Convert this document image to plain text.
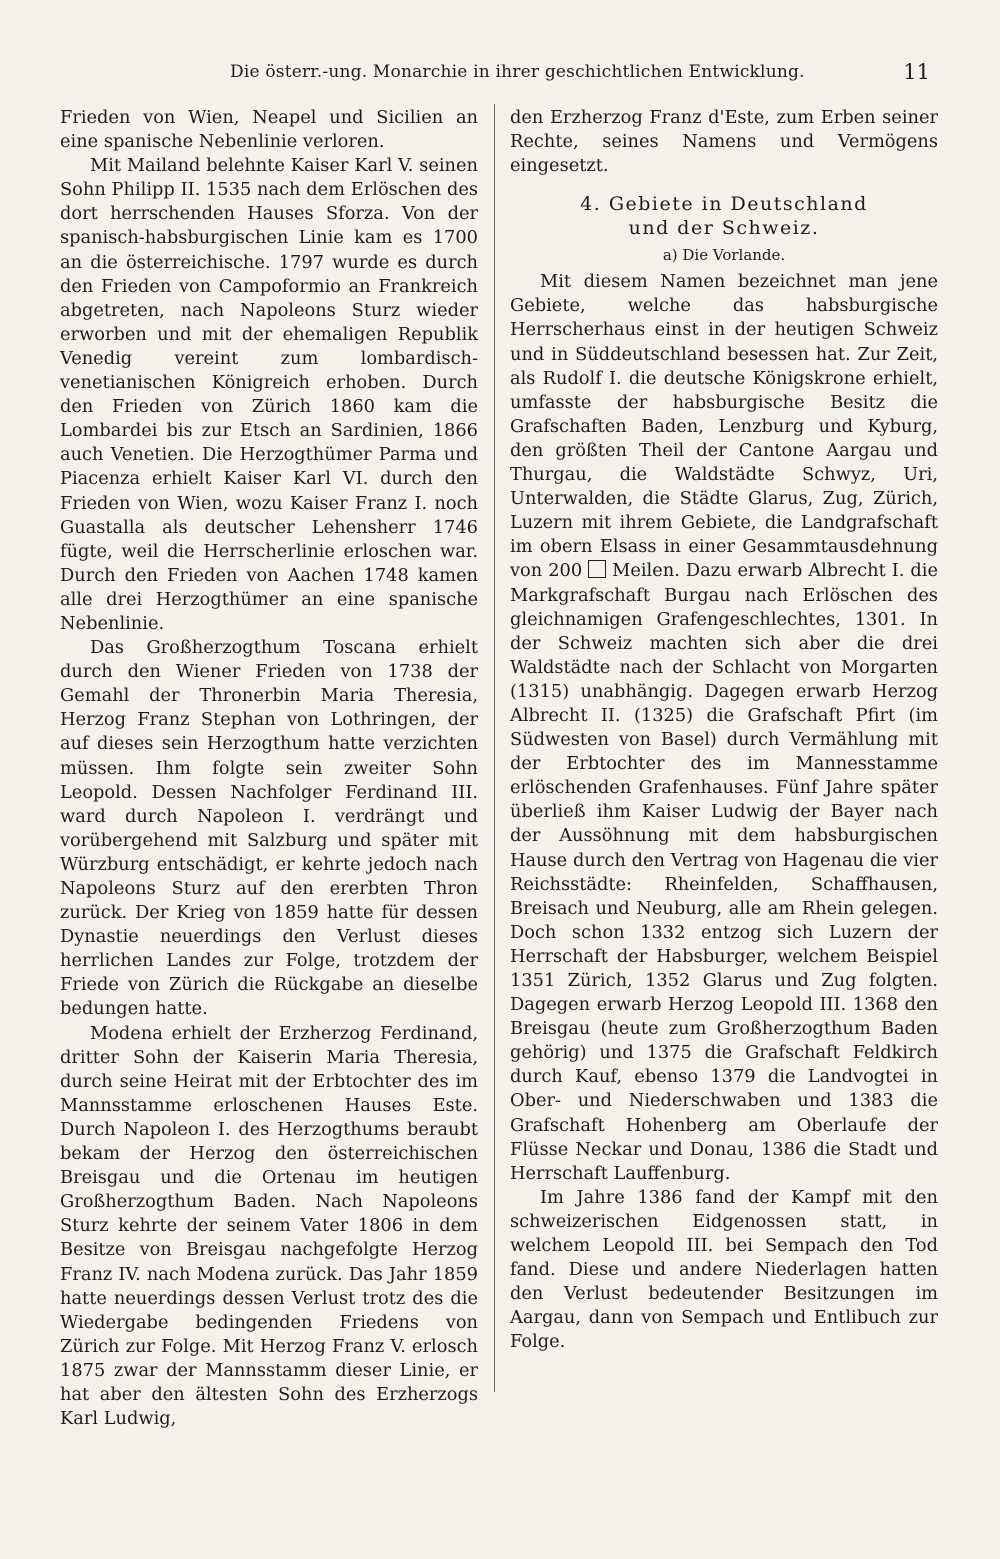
Die österr.-ung. Monarchie in ihrer geschichtlichen Entwicklung.	11

Frieden von Wien, Neapel und Sicilien an eine spanische Nebenlinie verloren.

Mit Mailand belehnte Kaiser Karl V. seinen Sohn Philipp II. 1535 nach dem Erlöschen des dort herrschenden Hauses Sforza. Von der spanisch-habsburgischen Linie kam es 1700 an die österreichische. 1797 wurde es durch den Frieden von Campoformio an Frankreich abgetreten, nach Napoleons Sturz wieder erworben und mit der ehemaligen Republik Venedig vereint zum lombardisch-venetianischen Königreich erhoben. Durch den Frieden von Zürich 1860 kam die Lombardei bis zur Etsch an Sardinien, 1866 auch Venetien. Die Herzogthümer Parma und Piacenza erhielt Kaiser Karl VI. durch den Frieden von Wien, wozu Kaiser Franz I. noch Guastalla als deutscher Lehensherr 1746 fügte, weil die Herrscherlinie erloschen war. Durch den Frieden von Aachen 1748 kamen alle drei Herzogthümer an eine spanische Nebenlinie.

Das Großherzogthum Toscana erhielt durch den Wiener Frieden von 1738 der Gemahl der Thronerbin Maria Theresia, Herzog Franz Stephan von Lothringen, der auf dieses sein Herzogthum hatte verzichten müssen. Ihm folgte sein zweiter Sohn Leopold. Dessen Nachfolger Ferdinand III. ward durch Napoleon I. verdrängt und vorübergehend mit Salzburg und später mit Würzburg entschädigt, er kehrte jedoch nach Napoleons Sturz auf den ererbten Thron zurück. Der Krieg von 1859 hatte für dessen Dynastie neuerdings den Verlust dieses herrlichen Landes zur Folge, trotzdem der Friede von Zürich die Rückgabe an dieselbe bedungen hatte.

Modena erhielt der Erzherzog Ferdinand, dritter Sohn der Kaiserin Maria Theresia, durch seine Heirat mit der Erbtochter des im Mannsstamme erloschenen Hauses Este. Durch Napoleon I. des Herzogthums beraubt bekam der Herzog den österreichischen Breisgau und die Ortenau im heutigen Großherzogthum Baden. Nach Napoleons Sturz kehrte der seinem Vater 1806 in dem Besitze von Breisgau nachgefolgte Herzog Franz IV. nach Modena zurück. Das Jahr 1859 hatte neuerdings dessen Verlust trotz des die Wiedergabe bedingenden Friedens von Zürich zur Folge. Mit Herzog Franz V. erlosch 1875 zwar der Mannsstamm dieser Linie, er hat aber den ältesten Sohn des Erzherzogs Karl Ludwig,

den Erzherzog Franz d'Este, zum Erben seiner Rechte, seines Namens und Vermögens eingesetzt.

4. Gebiete in Deutschland
und der Schweiz.
a) Die Vorlande.

Mit diesem Namen bezeichnet man jene Gebiete, welche das habsburgische Herrscherhaus einst in der heutigen Schweiz und in Süddeutschland besessen hat. Zur Zeit, als Rudolf I. die deutsche Königskrone erhielt, umfasste der habsburgische Besitz die Grafschaften Baden, Lenzburg und Kyburg, den größten Theil der Cantone Aargau und Thurgau, die Waldstädte Schwyz, Uri, Unterwalden, die Städte Glarus, Zug, Zürich, Luzern mit ihrem Gebiete, die Landgrafschaft im obern Elsass in einer Gesammtausdehnung von 200 Meilen. Dazu erwarb Albrecht I. die Markgrafschaft Burgau nach Erlöschen des gleichnamigen Grafengeschlechtes, 1301. In der Schweiz machten sich aber die drei Waldstädte nach der Schlacht von Morgarten (1315) unabhängig. Dagegen erwarb Herzog Albrecht II. (1325) die Grafschaft Pfirt (im Südwesten von Basel) durch Vermählung mit der Erbtochter des im Mannesstamme erlöschenden Grafenhauses. Fünf Jahre später überließ ihm Kaiser Ludwig der Bayer nach der Aussöhnung mit dem habsburgischen Hause durch den Vertrag von Hagenau die vier Reichsstädte: Rheinfelden, Schaffhausen, Breisach und Neuburg, alle am Rhein gelegen. Doch schon 1332 entzog sich Luzern der Herrschaft der Habsburger, welchem Beispiel 1351 Zürich, 1352 Glarus und Zug folgten. Dagegen erwarb Herzog Leopold III. 1368 den Breisgau (heute zum Großherzogthum Baden gehörig) und 1375 die Grafschaft Feldkirch durch Kauf, ebenso 1379 die Landvogtei in Ober- und Niederschwaben und 1383 die Grafschaft Hohenberg am Oberlaufe der Flüsse Neckar und Donau, 1386 die Stadt und Herrschaft Lauffenburg.

Im Jahre 1386 fand der Kampf mit den schweizerischen Eidgenossen statt, in welchem Leopold III. bei Sempach den Tod fand. Diese und andere Niederlagen hatten den Verlust bedeutender Besitzungen im Aargau, dann von Sempach und Entlibuch zur Folge.
